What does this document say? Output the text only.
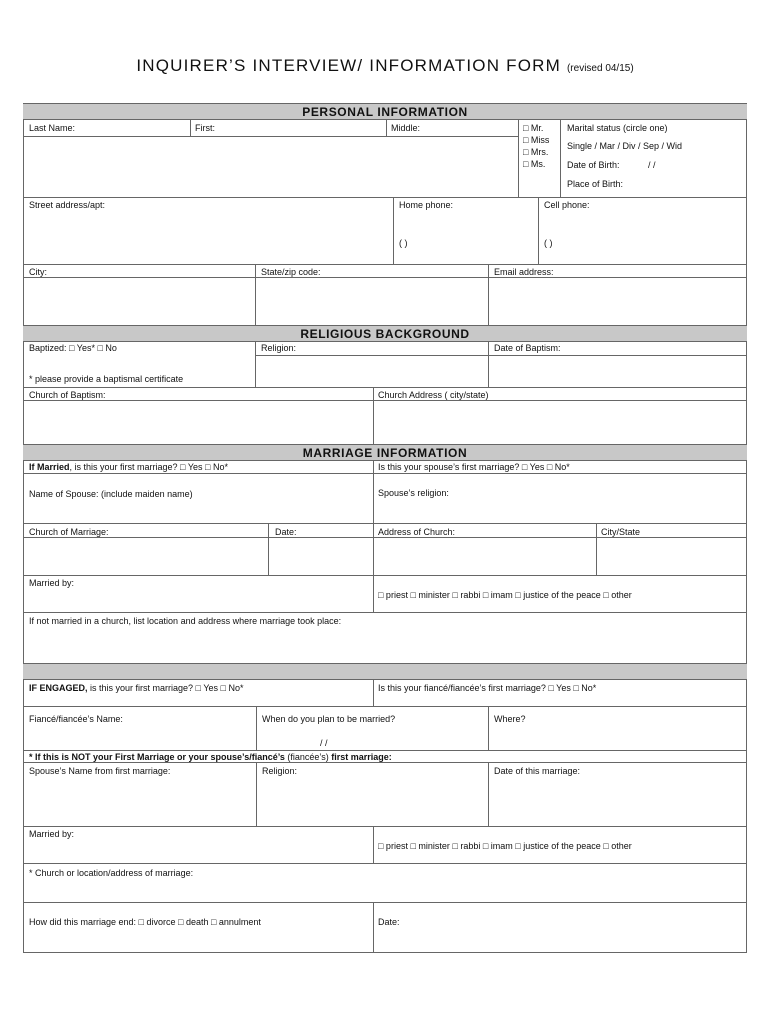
INQUIRER’S INTERVIEW/ INFORMATION FORM (revised 04/15)
PERSONAL INFORMATION
Last Name:	First:	Middle:	□ Mr.
□ Miss
□ Mrs.
□ Ms.
Marital status (circle one)
Single / Mar / Div / Sep / Wid
Date of Birth:	/ /
Place of Birth:
Street address/apt:	Home phone:	Cell phone:
( )	( )
City:	State/zip code:	Email address:
RELIGIOUS BACKGROUND
Baptized: □ Yes* □ No	Religion:	Date of Baptism:
* please provide a baptismal certificate
Church of Baptism:	Church Address ( city/state)
MARRIAGE INFORMATION
If Married, is this your first marriage? □ Yes □ No*	Is this your spouse’s first marriage? □ Yes □ No*
Name of Spouse: (include maiden name)	Spouse’s religion:
Church of Marriage:	Date:	Address of Church:	City/State
Married by:
□ priest □ minister □ rabbi □ imam □ justice of the peace □ other
If not married in a church, list location and address where marriage took place:
IF ENGAGED, is this your first marriage? □ Yes □ No*	Is this your fiancé/fiancée’s first marriage? □ Yes □ No*
Fiancé/fiancée’s Name:	When do you plan to be married?	Where?
/ /
* If this is NOT your First Marriage or your spouse’s/fiancé’s (fiancée’s) first marriage:
Spouse’s Name from first marriage:	Religion:	Date of this marriage:
Married by:
□ priest □ minister □ rabbi □ imam □ justice of the peace □ other
* Church or location/address of marriage:
How did this marriage end: □ divorce □ death □ annulment	Date:
